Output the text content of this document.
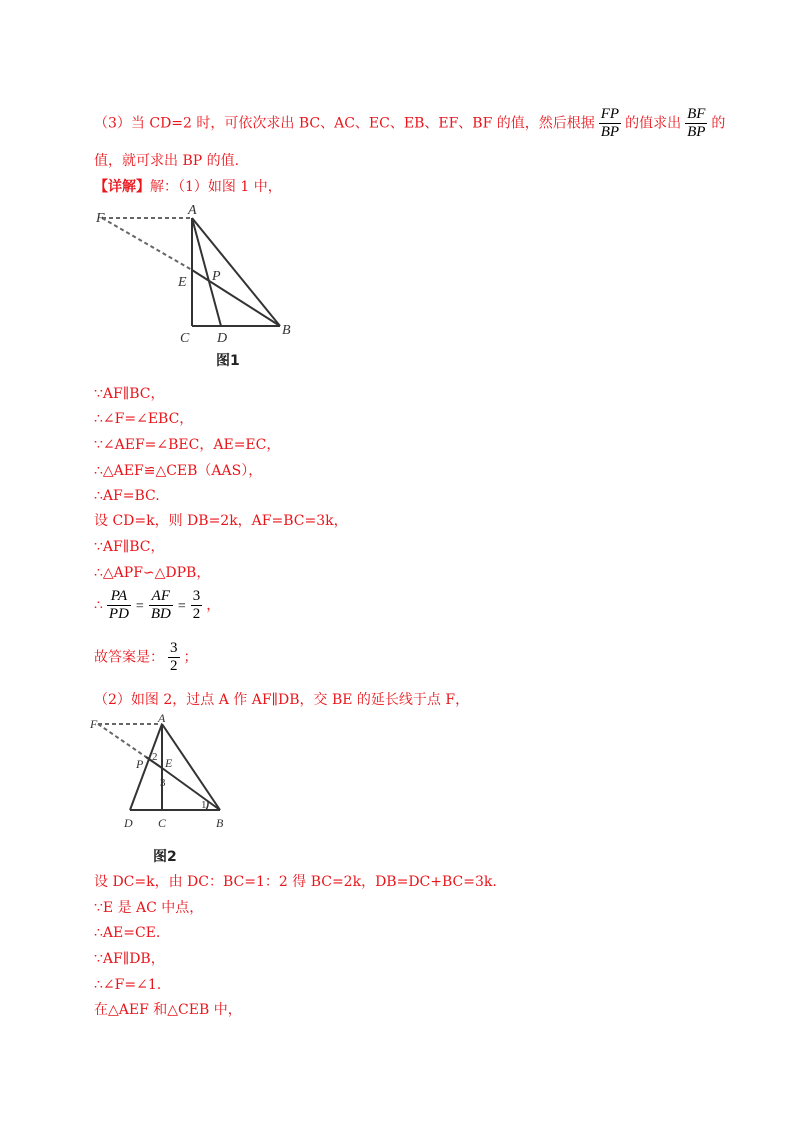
（3）当 CD=2 时，可依次求出 BC、AC、EC、EB、EF、BF 的值，然后根据 $\frac{FP}{BP}$ 的值求出 $\frac{BF}{BP}$ 的
值，就可求出 BP 的值.
【详解】解：（1）如图 1 中，
F
A
E P
C D
B
图1
∵AF∥BC，
∴∠F=∠EBC，
∵∠AEF=∠BEC，AE=EC，
∴△AEF≌△CEB（AAS），
∴AF=BC.
设 CD=k，则 DB=2k，AF=BC=3k，
∵AF∥BC，
∴△APF∽△DPB，
∴ $\frac{PA}{PD} = \frac{AF}{BD} = \frac{3}{2}$ ，
故答案是： $\frac{3}{2}$ ；
（2）如图 2，过点 A 作 AF∥DB，交 BE 的延长线于点 F，
F	A
P E
2
3
1
D C	B
图2
设 DC=k，由 DC：BC=1：2 得 BC=2k，DB=DC+BC=3k.
∵E 是 AC 中点，
∴AE=CE.
∵AF∥DB，
∴∠F=∠1.
在△AEF 和△CEB 中，
